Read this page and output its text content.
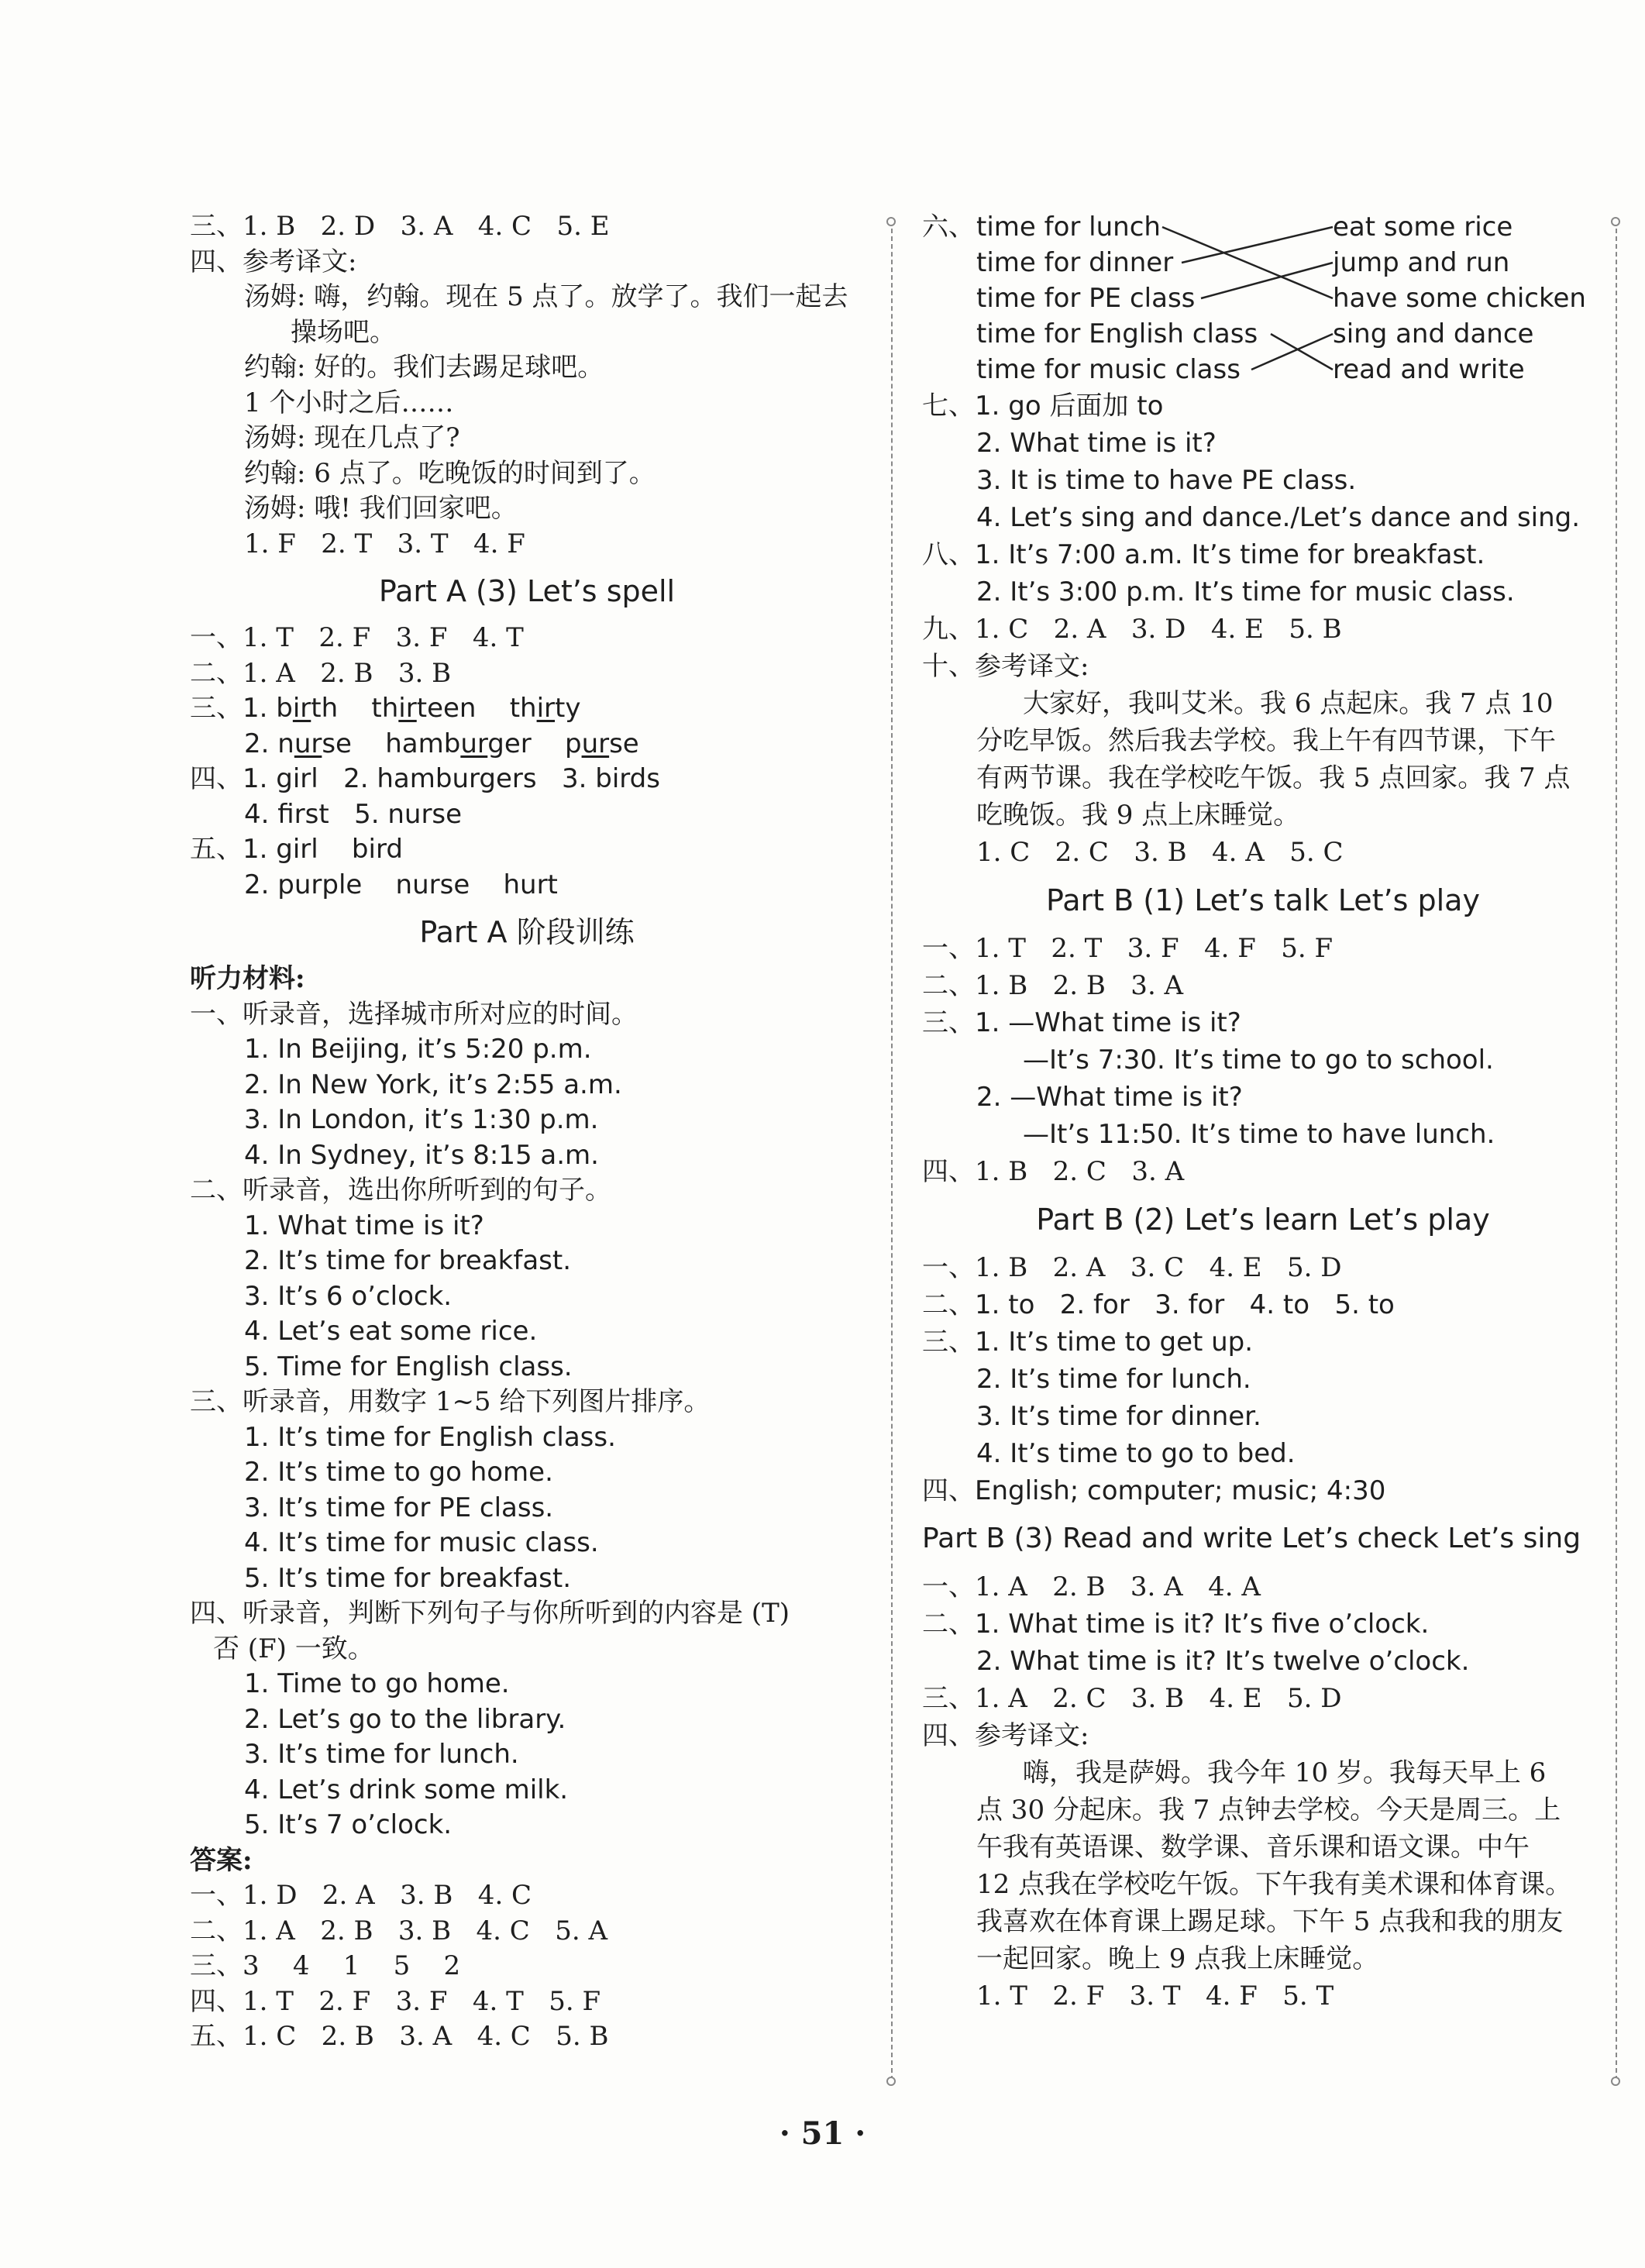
三、1. B   2. D   3. A   4. C   5. E
四、参考译文:
汤姆: 嗨，约翰。现在 5 点了。放学了。我们一起去
操场吧。
约翰: 好的。我们去踢足球吧。
1 个小时之后……
汤姆: 现在几点了?
约翰: 6 点了。吃晚饭的时间到了。
汤姆: 哦! 我们回家吧。
1. F   2. T   3. T   4. F
Part A (3) Let’s spell
一、1. T   2. F   3. F   4. T
二、1. A   2. B   3. B
三、1. birth thirteen thirty
2. nurse hamburger purse
四、1. girl   2. hamburgers   3. birds
4. first   5. nurse
五、1. girl    bird
2. purple    nurse    hurt
Part A 阶段训练
听力材料:
一、听录音，选择城市所对应的时间。
1. In Beijing, it’s 5:20 p.m.
2. In New York, it’s 2:55 a.m.
3. In London, it’s 1:30 p.m.
4. In Sydney, it’s 8:15 a.m.
二、听录音，选出你所听到的句子。
1. What time is it?
2. It’s time for breakfast.
3. It’s 6 o’clock.
4. Let’s eat some rice.
5. Time for English class.
三、听录音，用数字 1~5 给下列图片排序。
1. It’s time for English class.
2. It’s time to go home.
3. It’s time for PE class.
4. It’s time for music class.
5. It’s time for breakfast.
四、听录音，判断下列句子与你所听到的内容是 (T)
否 (F) 一致。
1. Time to go home.
2. Let’s go to the library.
3. It’s time for lunch.
4. Let’s drink some milk.
5. It’s 7 o’clock.
答案:
一、1. D   2. A   3. B   4. C
二、1. A   2. B   3. B   4. C   5. A
三、3    4    1    5    2
四、1. T   2. F   3. F   4. T   5. F
五、1. C   2. B   3. A   4. C   5. B
六、 time for lunch
time for dinner
time for PE class
time for English class
time for music class
eat some rice
jump and run
have some chicken
sing and dance
read and write
七、1. go 后面加 to
2. What time is it?
3. It is time to have PE class.
4. Let’s sing and dance./Let’s dance and sing.
八、1. It’s 7:00 a.m. It’s time for breakfast.
2. It’s 3:00 p.m. It’s time for music class.
九、1. C   2. A   3. D   4. E   5. B
十、参考译文:
大家好，我叫艾米。我 6 点起床。我 7 点 10
分吃早饭。然后我去学校。我上午有四节课，下午
有两节课。我在学校吃午饭。我 5 点回家。我 7 点
吃晚饭。我 9 点上床睡觉。
1. C   2. C   3. B   4. A   5. C
Part B (1) Let’s talk Let’s play
一、1. T   2. T   3. F   4. F   5. F
二、1. B   2. B   3. A
三、1. —What time is it?
—It’s 7:30. It’s time to go to school.
2. —What time is it?
—It’s 11:50. It’s time to have lunch.
四、1. B   2. C   3. A
Part B (2) Let’s learn Let’s play
一、1. B   2. A   3. C   4. E   5. D
二、1. to   2. for   3. for   4. to   5. to
三、1. It’s time to get up.
2. It’s time for lunch.
3. It’s time for dinner.
4. It’s time to go to bed.
四、English; computer; music; 4:30
Part B (3) Read and write Let’s check Let’s sing
一、1. A   2. B   3. A   4. A
二、1. What time is it? It’s five o’clock.
2. What time is it? It’s twelve o’clock.
三、1. A   2. C   3. B   4. E   5. D
四、参考译文:
嗨，我是萨姆。我今年 10 岁。我每天早上 6
点 30 分起床。我 7 点钟去学校。今天是周三。上
午我有英语课、数学课、音乐课和语文课。中午
12 点我在学校吃午饭。下午我有美术课和体育课。
我喜欢在体育课上踢足球。下午 5 点我和我的朋友
一起回家。晚上 9 点我上床睡觉。
1. T   2. F   3. T   4. F   5. T
· 51 ·
